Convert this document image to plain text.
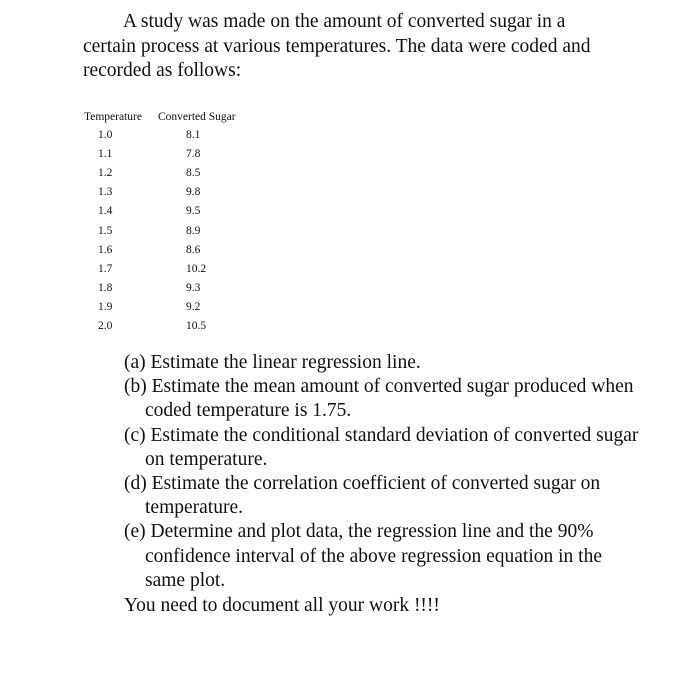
A study was made on the amount of converted sugar in a certain process at various temperatures. The data were coded and recorded as follows:

Temperature	Converted Sugar
1.0	8.1
1.1	7.8
1.2	8.5
1.3	9.8
1.4	9.5
1.5	8.9
1.6	8.6
1.7	10.2
1.8	9.3
1.9	9.2
2.0	10.5
(a) Estimate the linear regression line.
(b) Estimate the mean amount of converted sugar produced when coded temperature is 1.75.
(c) Estimate the conditional standard deviation of converted sugar on temperature.
(d) Estimate the correlation coefficient of converted sugar on temperature.
(e) Determine and plot data, the regression line and the 90% confidence interval of the above regression equation in the same plot.

You need to document all your work !!!!
